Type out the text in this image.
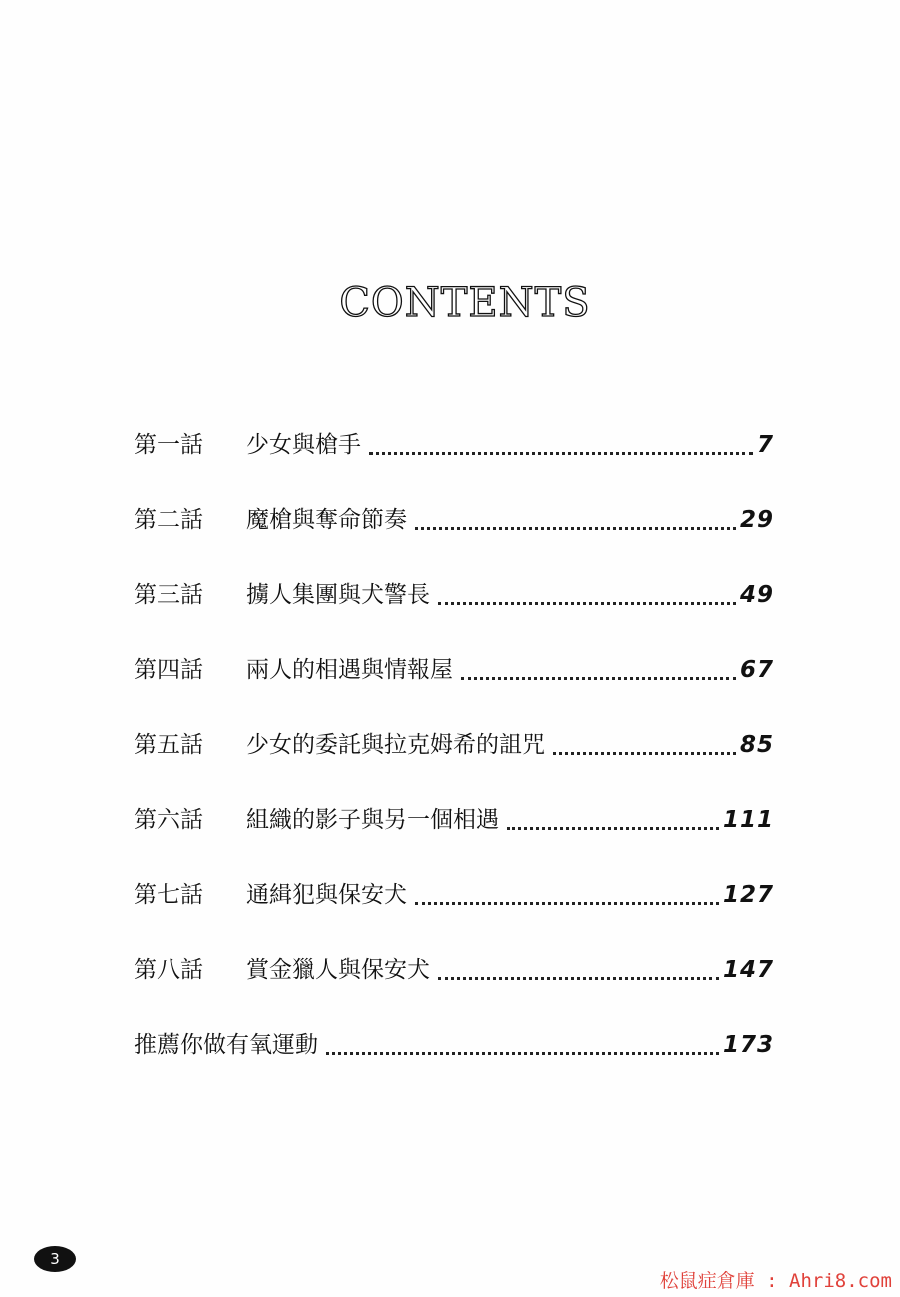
CONTENTS
第一話	少女與槍手	7
第二話	魔槍與奪命節奏	29
第三話	擄人集團與犬警長	49
第四話	兩人的相遇與情報屋	67
第五話	少女的委託與拉克姆希的詛咒	85
第六話	組織的影子與另一個相遇	111
第七話	通緝犯與保安犬	127
第八話	賞金獵人與保安犬	147
推薦你做有氧運動	173
3
松鼠症倉庫 : Ahri8.com
